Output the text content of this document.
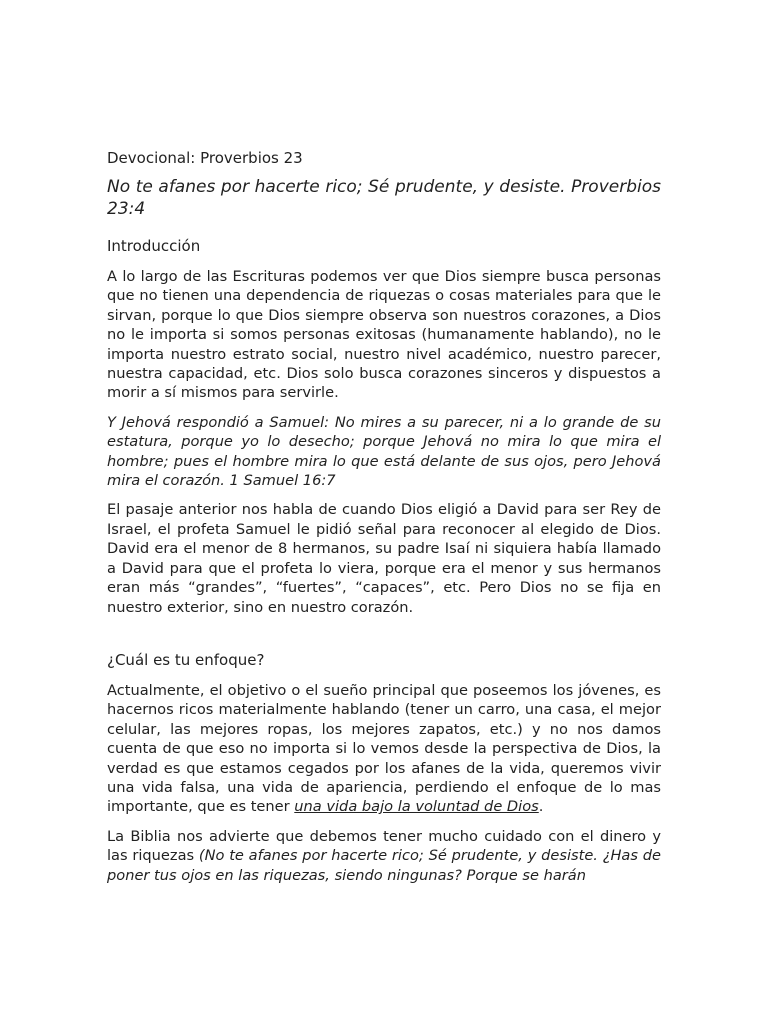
Devocional: Proverbios 23

No te afanes por hacerte rico; Sé prudente, y desiste. Proverbios 23:4

Introducción

A lo largo de las Escrituras podemos ver que Dios siempre busca personas que no tienen una dependencia de riquezas o cosas materiales para que le sirvan, porque lo que Dios siempre observa son nuestros corazones, a Dios no le importa si somos personas exitosas (humanamente hablando), no le importa nuestro estrato social, nuestro nivel académico, nuestro parecer, nuestra capacidad, etc. Dios solo busca corazones sinceros y dispuestos a morir a sí mismos para servirle.

Y Jehová respondió a Samuel: No mires a su parecer, ni a lo grande de su estatura, porque yo lo desecho; porque Jehová no mira lo que mira el hombre; pues el hombre mira lo que está delante de sus ojos, pero Jehová mira el corazón. 1 Samuel 16:7

El pasaje anterior nos habla de cuando Dios eligió a David para ser Rey de Israel, el profeta Samuel le pidió señal para reconocer al elegido de Dios. David era el menor de 8 hermanos, su padre Isaí ni siquiera había llamado a David para que el profeta lo viera, porque era el menor y sus hermanos eran más “grandes”, “fuertes”, “capaces”, etc. Pero Dios no se fija en nuestro exterior, sino en nuestro corazón.

¿Cuál es tu enfoque?

Actualmente, el objetivo o el sueño principal que poseemos los jóvenes, es hacernos ricos materialmente hablando (tener un carro, una casa, el mejor celular, las mejores ropas, los mejores zapatos, etc.) y no nos damos cuenta de que eso no importa si lo vemos desde la perspectiva de Dios, la verdad es que estamos cegados por los afanes de la vida, queremos vivir una vida falsa, una vida de apariencia, perdiendo el enfoque de lo mas importante, que es tener una vida bajo la voluntad de Dios.

La Biblia nos advierte que debemos tener mucho cuidado con el dinero y las riquezas (No te afanes por hacerte rico; Sé prudente, y desiste. ¿Has de poner tus ojos en las riquezas, siendo ningunas? Porque se harán
